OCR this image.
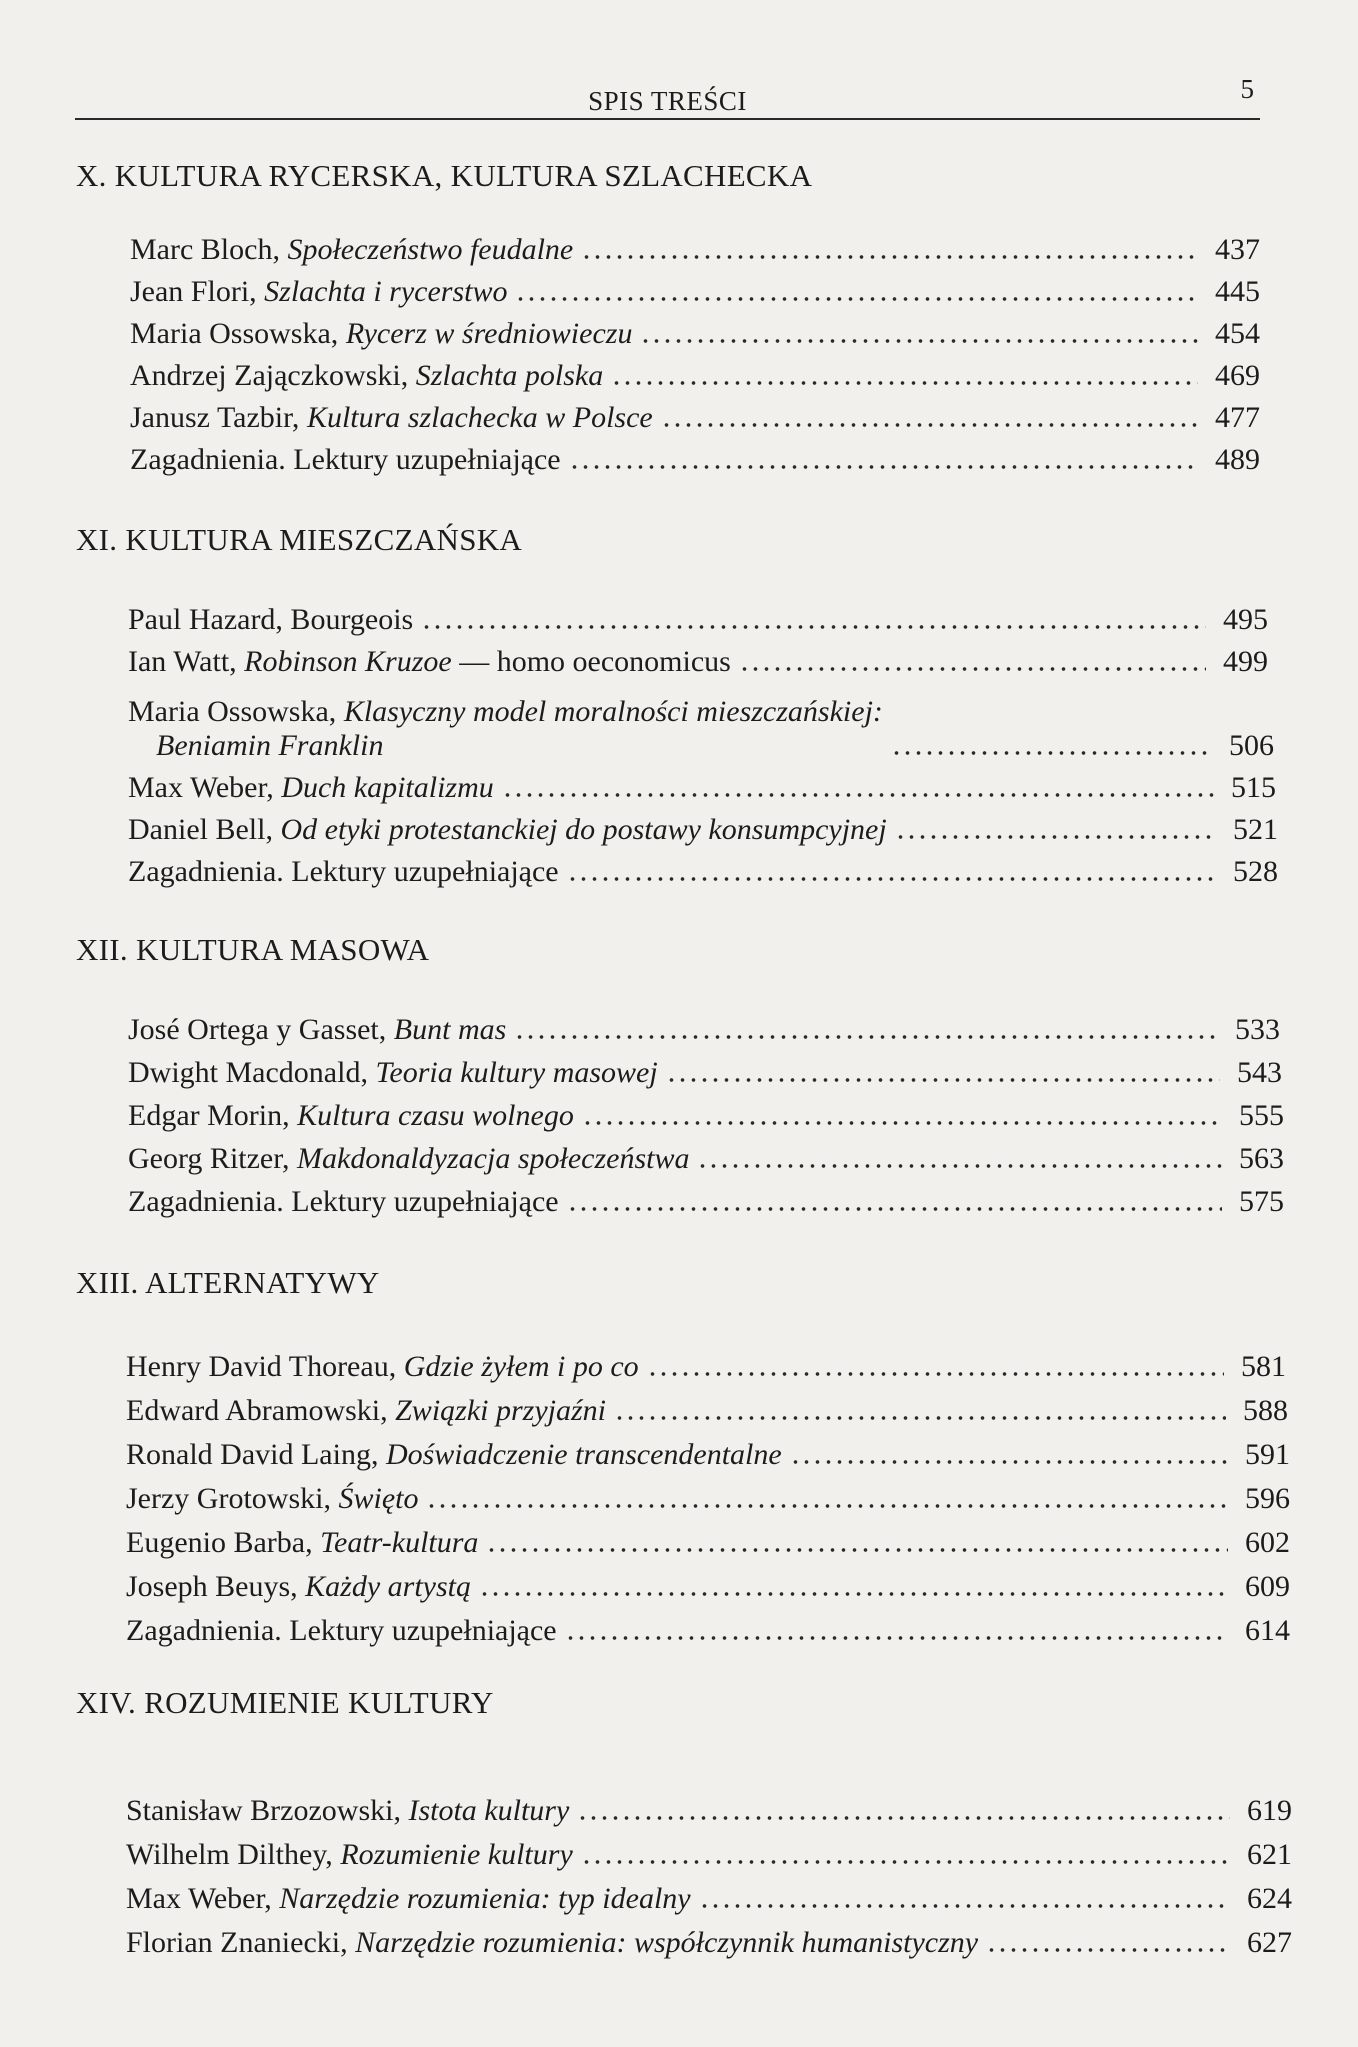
SPIS TREŚCI	5
X. KULTURA RYCERSKA, KULTURA SZLACHECKA
Marc Bloch, Społeczeństwo feudalne	437
Jean Flori, Szlachta i rycerstwo	445
Maria Ossowska, Rycerz w średniowieczu	454
Andrzej Zajączkowski, Szlachta polska	469
Janusz Tazbir, Kultura szlachecka w Polsce	477
Zagadnienia. Lektury uzupełniające	489
XI. KULTURA MIESZCZAŃSKA
Paul Hazard, Bourgeois	495
Ian Watt, Robinson Kruzoe — homo oeconomicus	499
Maria Ossowska, Klasyczny model moralności mieszczańskiej:
Beniamin Franklin	506
Max Weber, Duch kapitalizmu	515
Daniel Bell, Od etyki protestanckiej do postawy konsumpcyjnej	521
Zagadnienia. Lektury uzupełniające	528
XII. KULTURA MASOWA
José Ortega y Gasset, Bunt mas	533
Dwight Macdonald, Teoria kultury masowej	543
Edgar Morin, Kultura czasu wolnego	555
Georg Ritzer, Makdonaldyzacja społeczeństwa	563
Zagadnienia. Lektury uzupełniające	575
XIII. ALTERNATYWY
Henry David Thoreau, Gdzie żyłem i po co	581
Edward Abramowski, Związki przyjaźni	588
Ronald David Laing, Doświadczenie transcendentalne	591
Jerzy Grotowski, Święto	596
Eugenio Barba, Teatr-kultura	602
Joseph Beuys, Każdy artystą	609
Zagadnienia. Lektury uzupełniające	614
XIV. ROZUMIENIE KULTURY
Stanisław Brzozowski, Istota kultury	619
Wilhelm Dilthey, Rozumienie kultury	621
Max Weber, Narzędzie rozumienia: typ idealny	624
Florian Znaniecki, Narzędzie rozumienia: współczynnik humanistyczny	627
